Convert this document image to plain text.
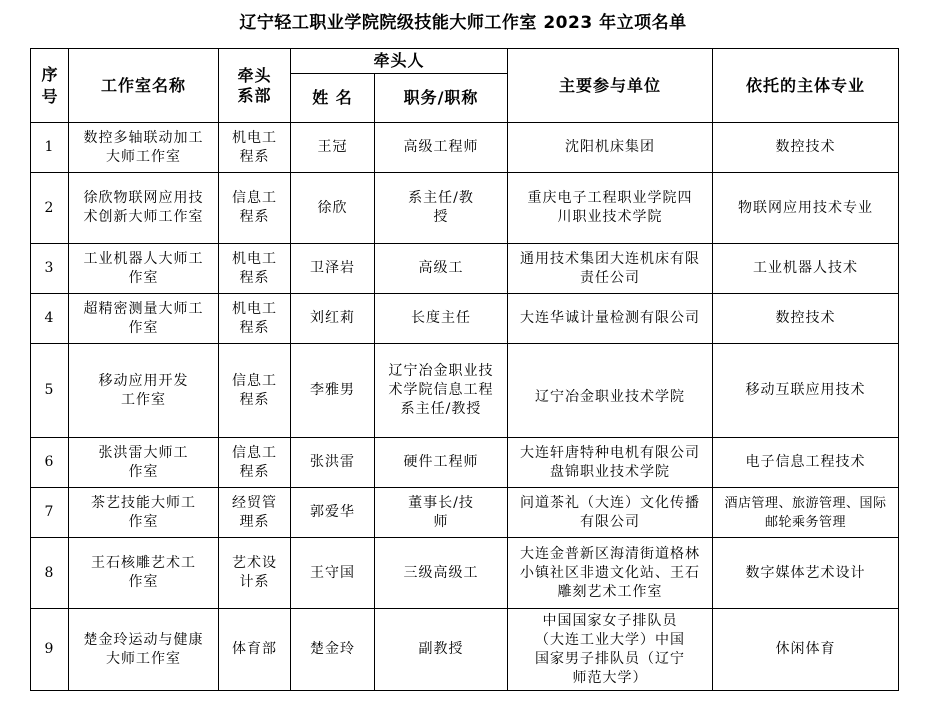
辽宁轻工职业学院院级技能大师工作室 2023 年立项名单
序号	工作室名称	牵头系部	牵头人		主要参与单位	依托的主体专业
			姓 名	职务/职称		
1	数控多轴联动加工大师工作室	机电工程系	王冠	高级工程师	沈阳机床集团	数控技术
2	徐欣物联网应用技术创新大师工作室	信息工程系	徐欣	系主任/教授	重庆电子工程职业学院四川职业技术学院	物联网应用技术专业
3	工业机器人大师工作室	机电工程系	卫泽岩	高级工	通用技术集团大连机床有限责任公司	工业机器人技术
4	超精密测量大师工作室	机电工程系	刘红莉	长度主任	大连华诚计量检测有限公司	数控技术
5	移动应用开发工作室	信息工程系	李雅男	辽宁冶金职业技术学院信息工程系主任/教授	辽宁冶金职业技术学院	移动互联应用技术
6	张洪雷大师工作室	信息工程系	张洪雷	硬件工程师	大连轩唐特种电机有限公司盘锦职业技术学院	电子信息工程技术
7	茶艺技能大师工作室	经贸管理系	郭爱华	董事长/技师	问道茶礼（大连）文化传播有限公司	酒店管理、旅游管理、国际邮轮乘务管理

8	王石核雕艺术工作室	艺术设计系	王守国	三级高级工	大连金普新区海清街道格林小镇社区非遗文化站、王石雕刻艺术工作室	数字媒体艺术设计
9	楚金玲运动与健康大师工作室	体育部	楚金玲	副教授	中国国家女子排队员（大连工业大学）中国国家男子排队员（辽宁师范大学）	休闲体育
